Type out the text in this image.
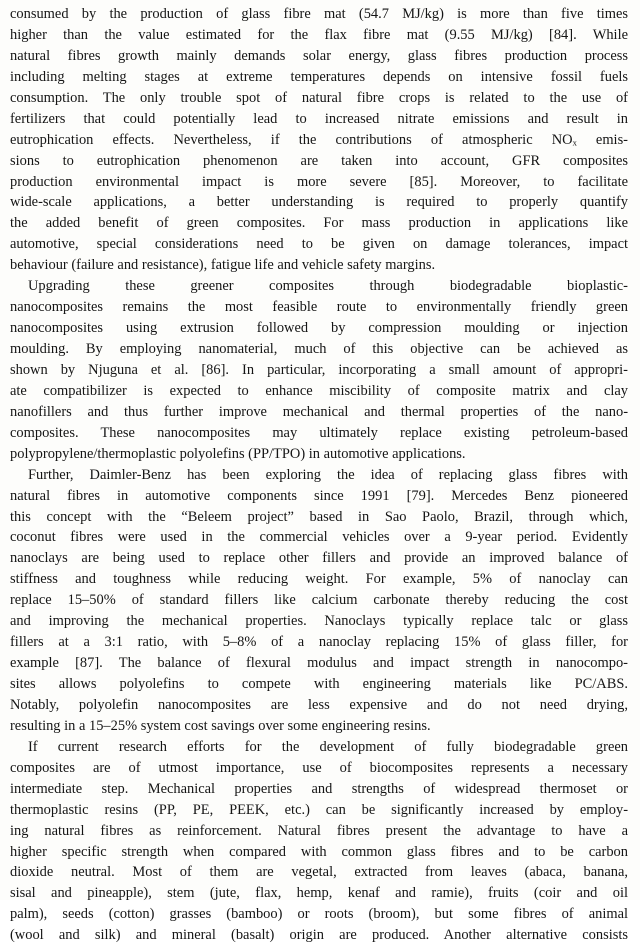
consumed by the production of glass fibre mat (54.7 MJ/kg) is more than five times
higher than the value estimated for the flax fibre mat (9.55 MJ/kg) [84]. While
natural fibres growth mainly demands solar energy, glass fibres production process
including melting stages at extreme temperatures depends on intensive fossil fuels
consumption. The only trouble spot of natural fibre crops is related to the use of
fertilizers that could potentially lead to increased nitrate emissions and result in
eutrophication effects. Nevertheless, if the contributions of atmospheric NOₓ emis-
sions to eutrophication phenomenon are taken into account, GFR composites
production environmental impact is more severe [85]. Moreover, to facilitate
wide-scale applications, a better understanding is required to properly quantify
the added benefit of green composites. For mass production in applications like
automotive, special considerations need to be given on damage tolerances, impact
behaviour (failure and resistance), fatigue life and vehicle safety margins.
Upgrading these greener composites through biodegradable bioplastic-
nanocomposites remains the most feasible route to environmentally friendly green
nanocomposites using extrusion followed by compression moulding or injection
moulding. By employing nanomaterial, much of this objective can be achieved as
shown by Njuguna et al. [86]. In particular, incorporating a small amount of appropri-
ate compatibilizer is expected to enhance miscibility of composite matrix and clay
nanofillers and thus further improve mechanical and thermal properties of the nano-
composites. These nanocomposites may ultimately replace existing petroleum-based
polypropylene/thermoplastic polyolefins (PP/TPO) in automotive applications.
Further, Daimler-Benz has been exploring the idea of replacing glass fibres with
natural fibres in automotive components since 1991 [79]. Mercedes Benz pioneered
this concept with the “Beleem project” based in Sao Paolo, Brazil, through which,
coconut fibres were used in the commercial vehicles over a 9-year period. Evidently
nanoclays are being used to replace other fillers and provide an improved balance of
stiffness and toughness while reducing weight. For example, 5% of nanoclay can
replace 15–50% of standard fillers like calcium carbonate thereby reducing the cost
and improving the mechanical properties. Nanoclays typically replace talc or glass
fillers at a 3:1 ratio, with 5–8% of a nanoclay replacing 15% of glass filler, for
example [87]. The balance of flexural modulus and impact strength in nanocompo-
sites allows polyolefins to compete with engineering materials like PC/ABS.
Notably, polyolefin nanocomposites are less expensive and do not need drying,
resulting in a 15–25% system cost savings over some engineering resins.
If current research efforts for the development of fully biodegradable green
composites are of utmost importance, use of biocomposites represents a necessary
intermediate step. Mechanical properties and strengths of widespread thermoset or
thermoplastic resins (PP, PE, PEEK, etc.) can be significantly increased by employ-
ing natural fibres as reinforcement. Natural fibres present the advantage to have a
higher specific strength when compared with common glass fibres and to be carbon
dioxide neutral. Most of them are vegetal, extracted from leaves (abaca, banana,
sisal and pineapple), stem (jute, flax, hemp, kenaf and ramie), fruits (coir and oil
palm), seeds (cotton) grasses (bamboo) or roots (broom), but some fibres of animal
(wool and silk) and mineral (basalt) origin are produced. Another alternative consists
